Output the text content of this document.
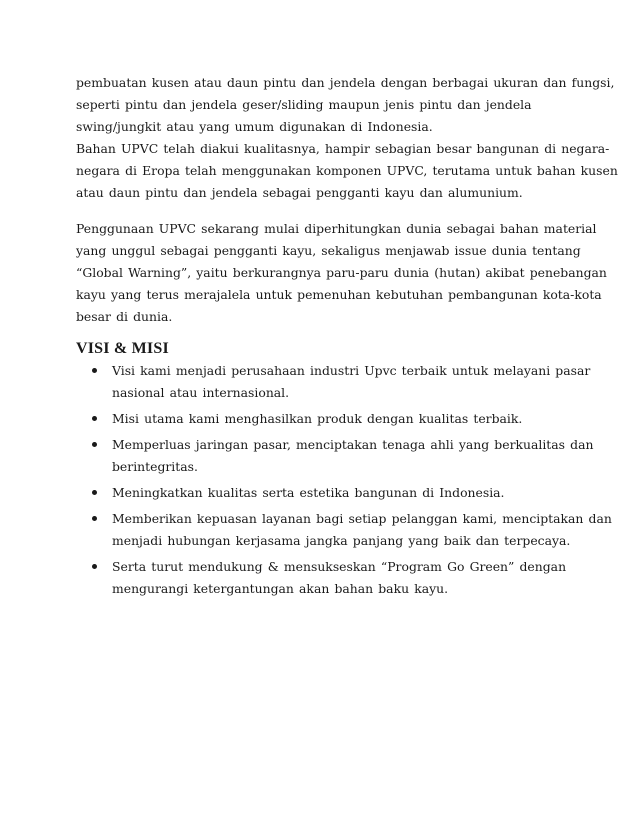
pembuatan kusen atau daun pintu dan jendela dengan berbagai ukuran dan fungsi,
seperti pintu dan jendela geser/sliding maupun jenis pintu dan jendela
swing/jungkit atau yang umum digunakan di Indonesia.
Bahan UPVC telah diakui kualitasnya, hampir sebagian besar bangunan di negara-
negara di Eropa telah menggunakan komponen UPVC, terutama untuk bahan kusen
atau daun pintu dan jendela sebagai pengganti kayu dan alumunium.
Penggunaan UPVC sekarang mulai diperhitungkan dunia sebagai bahan material
yang unggul sebagai pengganti kayu, sekaligus menjawab issue dunia tentang
“Global Warning”, yaitu berkurangnya paru-paru dunia (hutan) akibat penebangan
kayu yang terus merajalela untuk pemenuhan kebutuhan pembangunan kota-kota
besar di dunia.
VISI & MISI
Visi kami menjadi perusahaan industri Upvc terbaik untuk melayani pasar
nasional atau internasional.
Misi utama kami menghasilkan produk dengan kualitas terbaik.
Memperluas jaringan pasar, menciptakan tenaga ahli yang berkualitas dan
berintegritas.
Meningkatkan kualitas serta estetika bangunan di Indonesia.
Memberikan kepuasan layanan bagi setiap pelanggan kami, menciptakan dan
menjadi hubungan kerjasama jangka panjang yang baik dan terpecaya.
Serta turut mendukung & mensukseskan “Program Go Green” dengan
mengurangi ketergantungan akan bahan baku kayu.
